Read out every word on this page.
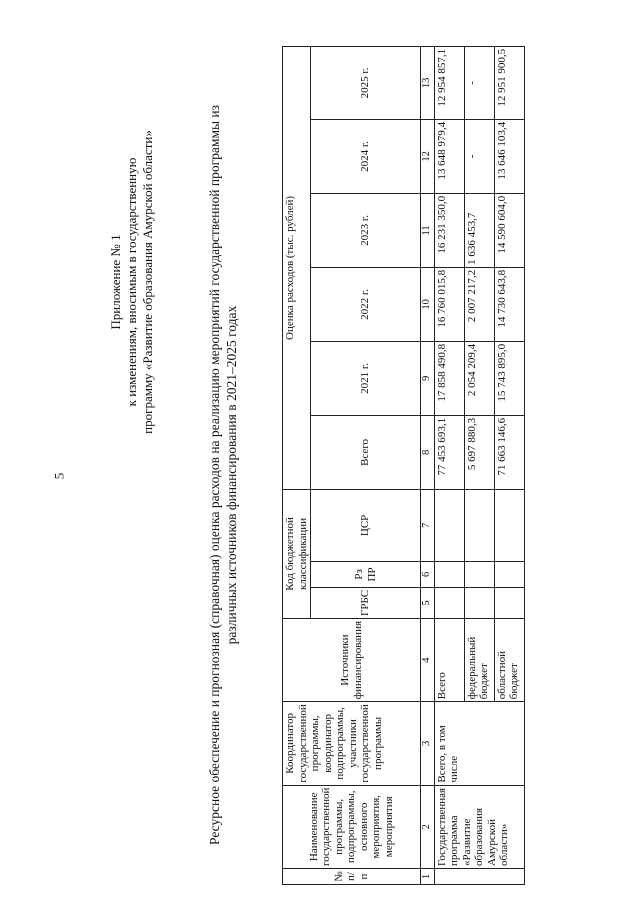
5
Приложение № 1 к изменениям, вносимым в государственную программу «Развитие образования Амурской области»	Ресурсное обеспечение и прогнозная (справочная) оценка расходов на реализацию мероприятий государственной программы из различных источников финансирования в 2021–2025 годах
№ п/п	Наименование государственной программы, подпрограммы, основного мероприятия, мероприятия	Координатор государственной программы, координатор подпрограммы, участники государственной программы	Источники финансирования	Код бюджетной классификации			Оценка расходов (тыс. рублей)					
				ГРБС	Рз ПР	ЦСР	Всего	2021 г.	2022 г.	2023 г.	2024 г.	2025 г.
1	2	3	4	5	6	7	8	9	10	11	12	13
	Государственная программа «Развитие образования Амурской области»	Всего, в том числе	Всего				77 453 693,1	17 858 490,8	16 760 015,8	16 231 350,0	13 648 979,4	12 954 857,1
			федеральный бюджет				5 697 880,3	2 054 209,4	2 007 217,2	1 636 453,7	-	-
			областной бюджет				71 663 146,6	15 743 895,0	14 730 643,8	14 590 604,0	13 646 103,4	12 951 900,5
